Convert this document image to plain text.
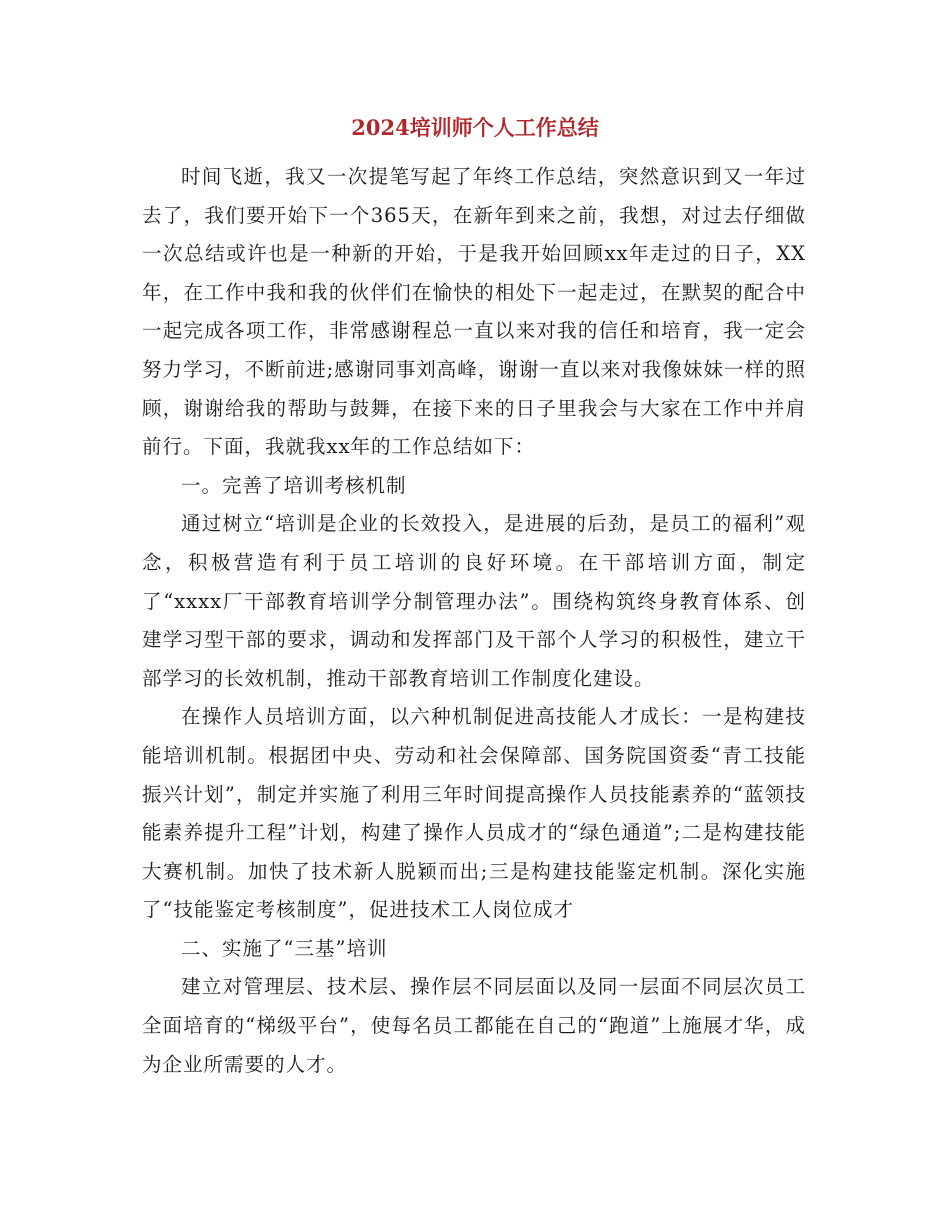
2024培训师个人工作总结

时间飞逝，我又一次提笔写起了年终工作总结，突然意识到又一年过去了，我们要开始下一个365天，在新年到来之前，我想，对过去仔细做一次总结或许也是一种新的开始，于是我开始回顾xx年走过的日子，XX年，在工作中我和我的伙伴们在愉快的相处下一起走过，在默契的配合中一起完成各项工作，非常感谢程总一直以来对我的信任和培育，我一定会努力学习，不断前进;感谢同事刘高峰，谢谢一直以来对我像妹妹一样的照顾，谢谢给我的帮助与鼓舞，在接下来的日子里我会与大家在工作中并肩前行。下面，我就我xx年的工作总结如下：

一。完善了培训考核机制

通过树立“培训是企业的长效投入，是进展的后劲，是员工的福利”观念，积极营造有利于员工培训的良好环境。在干部培训方面，制定了“xxxx厂干部教育培训学分制管理办法”。围绕构筑终身教育体系、创建学习型干部的要求，调动和发挥部门及干部个人学习的积极性，建立干部学习的长效机制，推动干部教育培训工作制度化建设。

在操作人员培训方面，以六种机制促进高技能人才成长：一是构建技能培训机制。根据团中央、劳动和社会保障部、国务院国资委“青工技能振兴计划”，制定并实施了利用三年时间提高操作人员技能素养的“蓝领技能素养提升工程”计划，构建了操作人员成才的“绿色通道”;二是构建技能大赛机制。加快了技术新人脱颖而出;三是构建技能鉴定机制。深化实施了“技能鉴定考核制度”，促进技术工人岗位成才

二、实施了“三基”培训

建立对管理层、技术层、操作层不同层面以及同一层面不同层次员工全面培育的“梯级平台”，使每名员工都能在自己的“跑道”上施展才华，成为企业所需要的人才。
